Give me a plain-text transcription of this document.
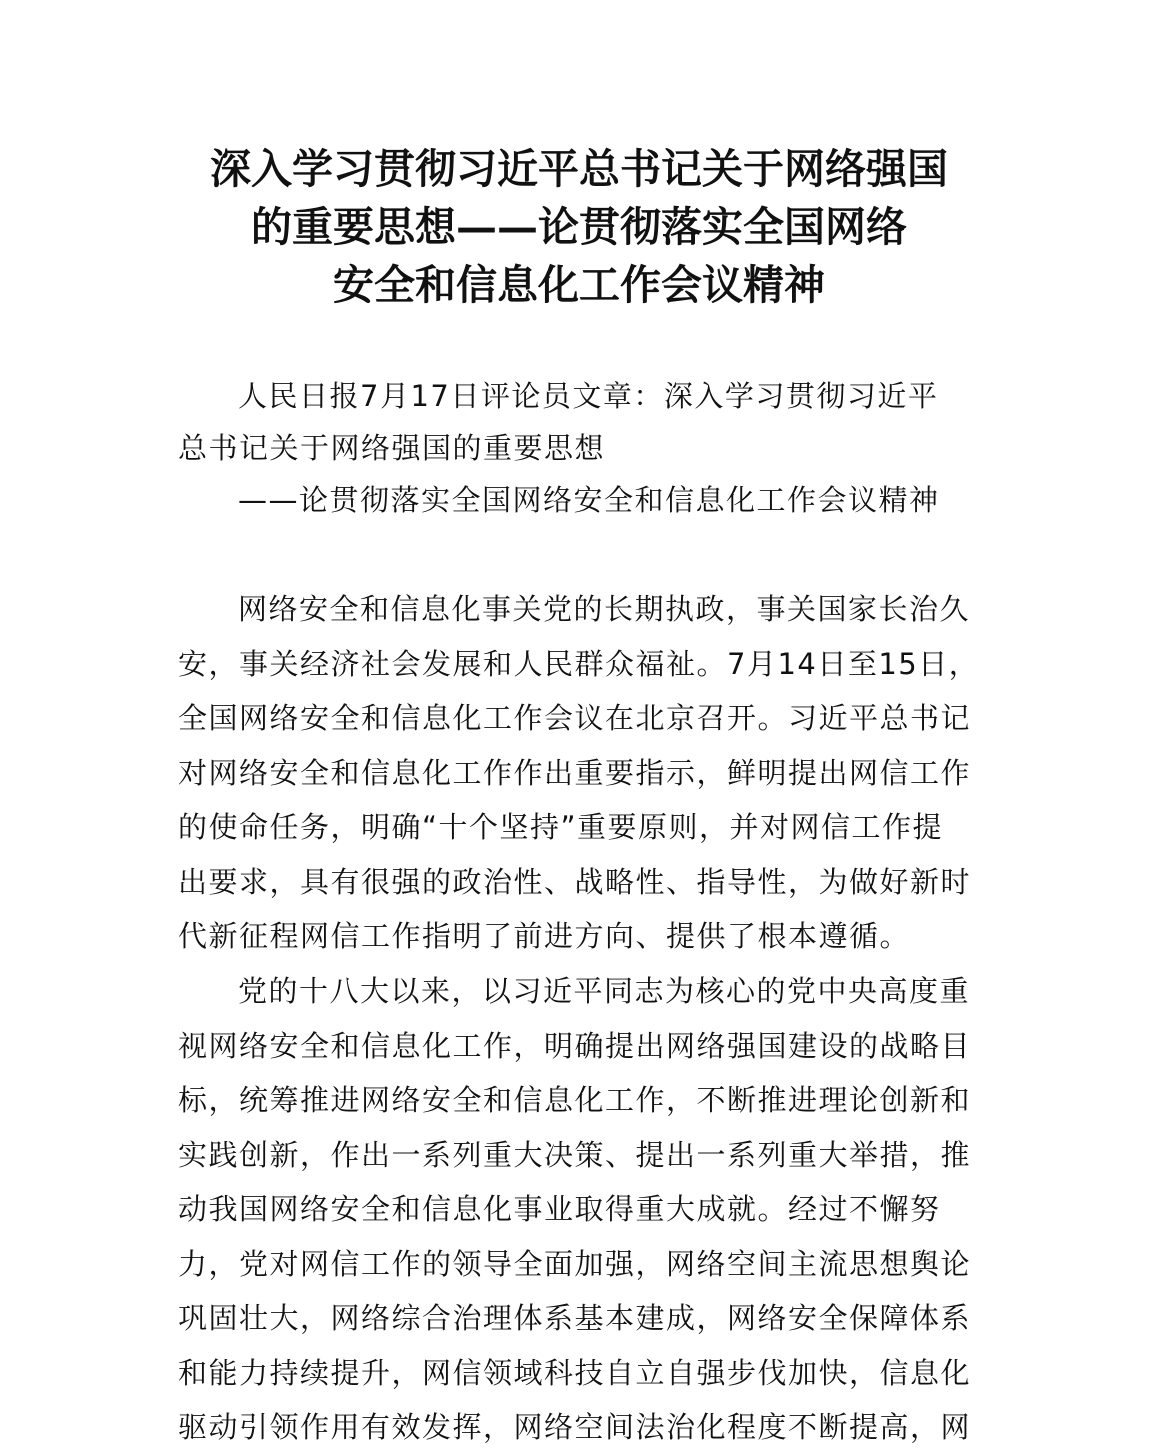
深入学习贯彻习近平总书记关于网络强国
的重要思想——论贯彻落实全国网络
安全和信息化工作会议精神
人民日报7月17日评论员文章：深入学习贯彻习近平
总书记关于网络强国的重要思想
——论贯彻落实全国网络安全和信息化工作会议精神
网络安全和信息化事关党的长期执政，事关国家长治久
安，事关经济社会发展和人民群众福祉。7月14日至15日，
全国网络安全和信息化工作会议在北京召开。习近平总书记
对网络安全和信息化工作作出重要指示，鲜明提出网信工作
的使命任务，明确“十个坚持”重要原则，并对网信工作提
出要求，具有很强的政治性、战略性、指导性，为做好新时
代新征程网信工作指明了前进方向、提供了根本遵循。
党的十八大以来，以习近平同志为核心的党中央高度重
视网络安全和信息化工作，明确提出网络强国建设的战略目
标，统筹推进网络安全和信息化工作，不断推进理论创新和
实践创新，作出一系列重大决策、提出一系列重大举措，推
动我国网络安全和信息化事业取得重大成就。经过不懈努
力，党对网信工作的领导全面加强，网络空间主流思想舆论
巩固壮大，网络综合治理体系基本建成，网络安全保障体系
和能力持续提升，网信领域科技自立自强步伐加快，信息化
驱动引领作用有效发挥，网络空间法治化程度不断提高，网
